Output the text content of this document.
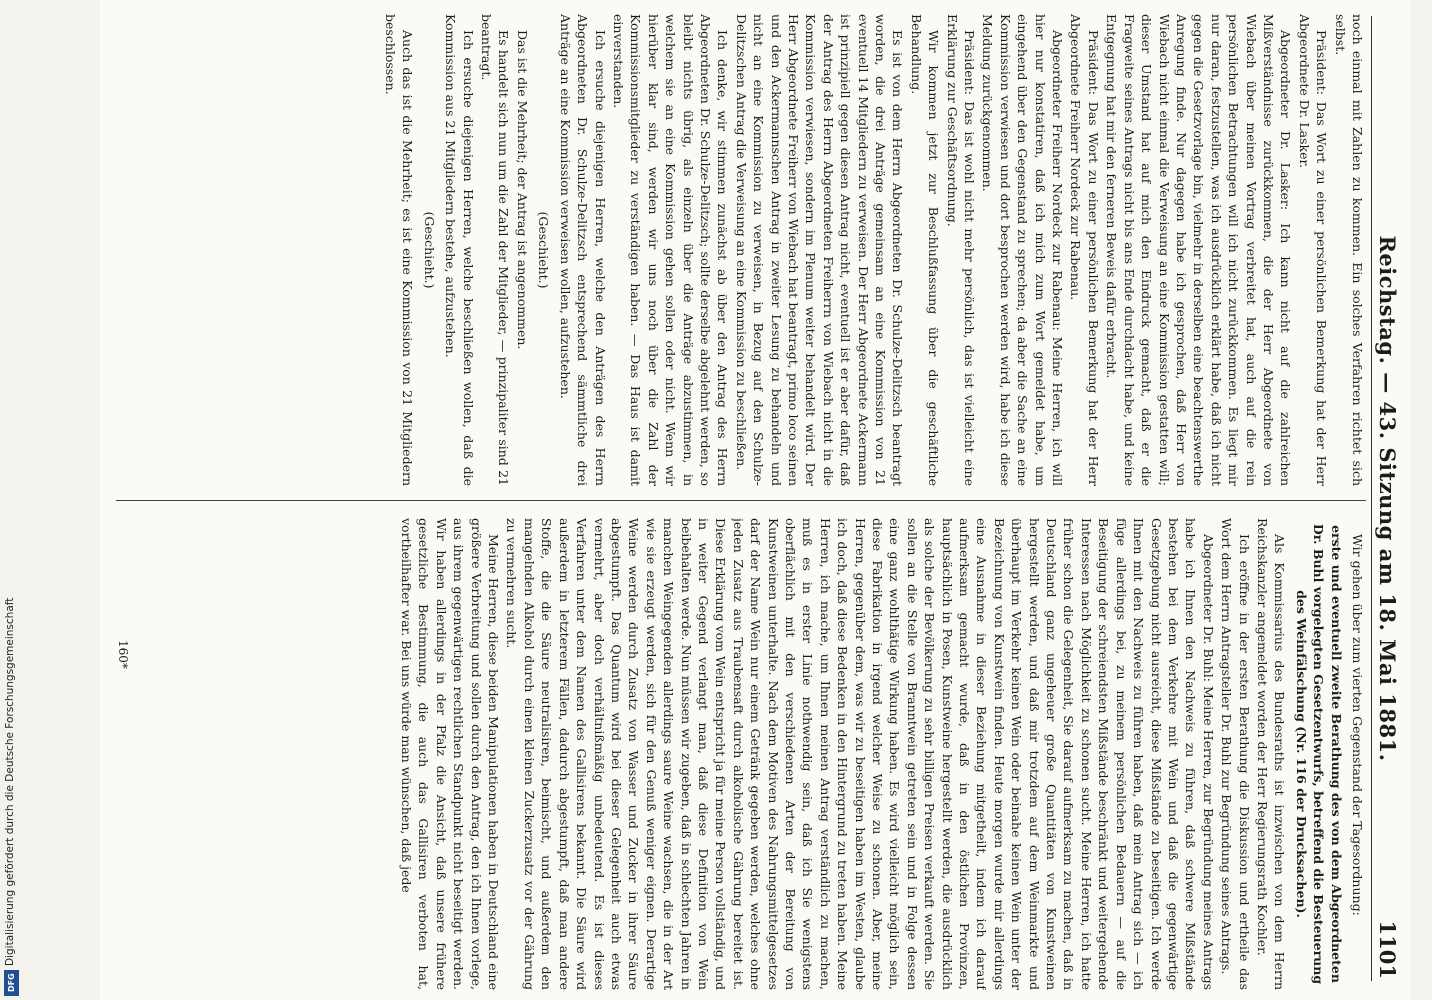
Reichstag. — 43. Sitzung am 18. Mai 1881.
1101

noch einmal mit Zahlen zu kommen. Ein solches Verfahren richtet sich selbst.

Präsident: Das Wort zu einer persönlichen Bemerkung hat der Herr Abgeordnete Dr. Lasker.

Abgeordneter Dr. Lasker: Ich kann nicht auf die zahlreichen Mißverständnisse zurückkommen, die der Herr Abgeordnete von Wiebach über meinen Vortrag verbreitet hat, auch auf die rein persönlichen Betrachtungen will ich nicht zurückkommen. Es liegt mir nur daran, festzustellen, was ich ausdrücklich erklärt habe, daß ich nicht gegen die Gesetzvorlage bin, vielmehr in derselben eine beachtenswerthe Anregung finde. Nur dagegen habe ich gesprochen, daß Herr von Wiebach nicht einmal die Verweisung an eine Kommission gestatten will; dieser Umstand hat auf mich den Eindruck gemacht, daß er die Fragweite seines Antrags nicht bis ans Ende durchdacht habe, und keine Entgegnung hat mir den ferneren Beweis dafür erbracht.

Präsident: Das Wort zu einer persönlichen Bemerkung hat der Herr Abgeordnete Freiherr Nordeck zur Rabenau.

Abgeordneter Freiherr Nordeck zur Rabenau: Meine Herren, ich will hier nur konstatiren, daß ich mich zum Wort gemeldet habe, um eingehend über den Gegenstand zu sprechen; da aber die Sache an eine Kommission verwiesen und dort besprochen werden wird, habe ich diese Meldung zurückgenommen.

Präsident: Das ist wohl nicht mehr persönlich, das ist vielleicht eine Erklärung zur Geschäftsordnung.

Wir kommen jetzt zur Beschlußfassung über die geschäftliche Behandlung.

Es ist von dem Herrn Abgeordneten Dr. Schulze-Delitzsch beantragt worden, die drei Anträge gemeinsam an eine Kommission von 21 eventuell 14 Mitgliedern zu verweisen. Der Herr Abgeordnete Ackermann ist prinzipiell gegen diesen Antrag nicht, eventuell ist er aber dafür, daß der Antrag des Herrn Abgeordneten Freiherrn von Wiebach nicht in die Kommission verwiesen, sondern im Plenum weiter behandelt wird. Der Herr Abgeordnete Freiherr von Wiebach hat beantragt, primo loco seinen und den Ackermannschen Antrag in zweiter Lesung zu behandeln und nicht an eine Kommission zu verweisen, in Bezug auf den Schulze-Delitzschen Antrag die Verweisung an eine Kommission zu beschließen.

Ich denke, wir stimmen zunächst ab über den Antrag des Herrn Abgeordneten Dr. Schulze-Delitzsch; sollte derselbe abgelehnt werden, so bleibt nichts übrig, als einzeln über die Anträge abzustimmen, in welchem sie an eine Kommission gehen sollen oder nicht. Wenn wir hierüber klar sind, werden wir uns noch über die Zahl der Kommissionsmitglieder zu verständigen haben. — Das Haus ist damit einverstanden.

Ich ersuche diejenigen Herren, welche den Anträgen des Herrn Abgeordneten Dr. Schulze-Delitzsch entsprechend sämmtliche drei Anträge an eine Kommission verweisen wollen, aufzustehen.

(Geschieht.)

Das ist die Mehrheit; der Antrag ist angenommen.

Es handelt sich nun um die Zahl der Mitglieder, — prinzipaliter sind 21 beantragt.

Ich ersuche diejenigen Herren, welche beschließen wollen, daß die Kommission aus 21 Mitgliedern bestehe, aufzustehen.

(Geschieht.)

Auch das ist die Mehrheit; es ist eine Kommission von 21 Mitgliedern beschlossen.

Wir gehen über zum vierten Gegenstand der Tagesordnung:

erste und eventuell zweite Berathung des von dem Abgeordneten Dr. Buhl vorgelegten Gesetzentwurfs, betreffend die Besteuerung des Weinfälschung (Nr. 116 der Drucksachen).

Als Kommissarius des Bundesraths ist inzwischen von dem Herrn Reichskanzler angemeldet worden der Herr Regierungsrath Kochler.

Ich eröffne in der ersten Berathung die Diskussion und ertheile das Wort dem Herrn Antragsteller Dr. Buhl zur Begründung seines Antrags.

Abgeordneter Dr. Buhl: Meine Herren, zur Begründung meines Antrags habe ich Ihnen den Nachweis zu führen, daß schwere Mißstände bestehen bei dem Verkehre mit Wein und daß die gegenwärtige Gesetzgebung nicht ausreicht, diese Mißstände zu beseitigen. Ich werde Ihnen mit den Nachweis zu führen haben, daß mein Antrag sich — ich füge allerdings bei, zu meinem persönlichen Bedauern — auf die Beseitigung der schreiendsten Mißstände beschränkt und weitergehende Interessen nach Möglichkeit zu schonen sucht. Meine Herren, ich hatte früher schon die Gelegenheit, Sie darauf aufmerksam zu machen, daß in Deutschland ganz ungeheuer große Quantitäten von Kunstweinen hergestellt werden, und daß mir trotzdem auf dem Weinmarkte und überhaupt im Verkehr keinen Wein oder beinahe keinen Wein unter der Bezeichnung von Kunstwein finden. Heute morgen wurde mir allerdings eine Ausnahme in dieser Beziehung mitgetheilt, indem ich darauf aufmerksam gemacht wurde, daß in den östlichen Provinzen, hauptsächlich in Posen, Kunstweine hergestellt werden, die ausdrücklich als solche der Bevölkerung zu sehr billigen Preisen verkauft werden. Sie sollen an die Stelle von Branntwein getreten sein und in Folge dessen eine ganz wohlthätige Wirkung haben. Es wird vielleicht möglich sein, diese Fabrikation in irgend welcher Weise zu schonen. Aber, meine Herren, gegenüber dem, was wir zu beseitigen haben im Westen, glaube ich doch, daß diese Bedenken in den Hintergrund zu treten haben. Meine Herren, ich mache, um Ihnen meinen Antrag verständlich zu machen, muß es in erster Linie nothwendig sein, daß ich Sie wenigstens oberflächlich mit den verschiedenen Arten der Bereitung von Kunstweinen unterhalte. Nach dem Motiven des Nahrungsmittelgesetzes darf der Name Wein nur einem Getränk gegeben werden, welches ohne jeden Zusatz aus Traubensaft durch alkoholische Gährung bereitet ist. Diese Erklärung vom Wein entspricht ja für meine Person vollständig, und in weiter Gegend verlangt man, daß diese Definition von Wein beibehalten werde. Nun müssen wir zugeben, daß in schlechten Jahren in manchen Weingegenden allerdings saure Weine wachsen, die in der Art wie sie erzeugt werden, sich für den Genuß weniger eignen. Derartige Weine werden durch Zusatz von Wasser und Zucker in ihrer Säure abgestumpft. Das Quantum wird bei dieser Gelegenheit auch etwas vermehrt, aber doch verhältnißmäßig unbedeutend. Es ist dieses Verfahren unter dem Namen des Gallisirens bekannt. Die Säure wird außerdem in letzterem Fällen, dadurch abgestumpft, daß man andere Stoffe, die die Säure neutralisiren, beimischt, und außerdem den mangelnden Alkohol durch einen kleinen Zuckerzusatz vor der Gährung zu vermehren sucht.

Meine Herren, diese beiden Manipulationen haben in Deutschland eine größere Verbreitung und sollen durch den Antrag, den ich Ihnen vorlege, aus ihrem gegenwärtigen rechtlichen Standpunkt nicht beseitigt werden. Wir haben allerdings in der Pfalz die Ansicht, daß unsere frühere gesetzliche Bestimmung, die auch das Gallisiren verboten hat, vortheilhafter war. Bei uns würde man wünschen, daß jede

160*
Digitalisierung gefördert durch die Deutsche Forschungsgemeinschaft
DFG
